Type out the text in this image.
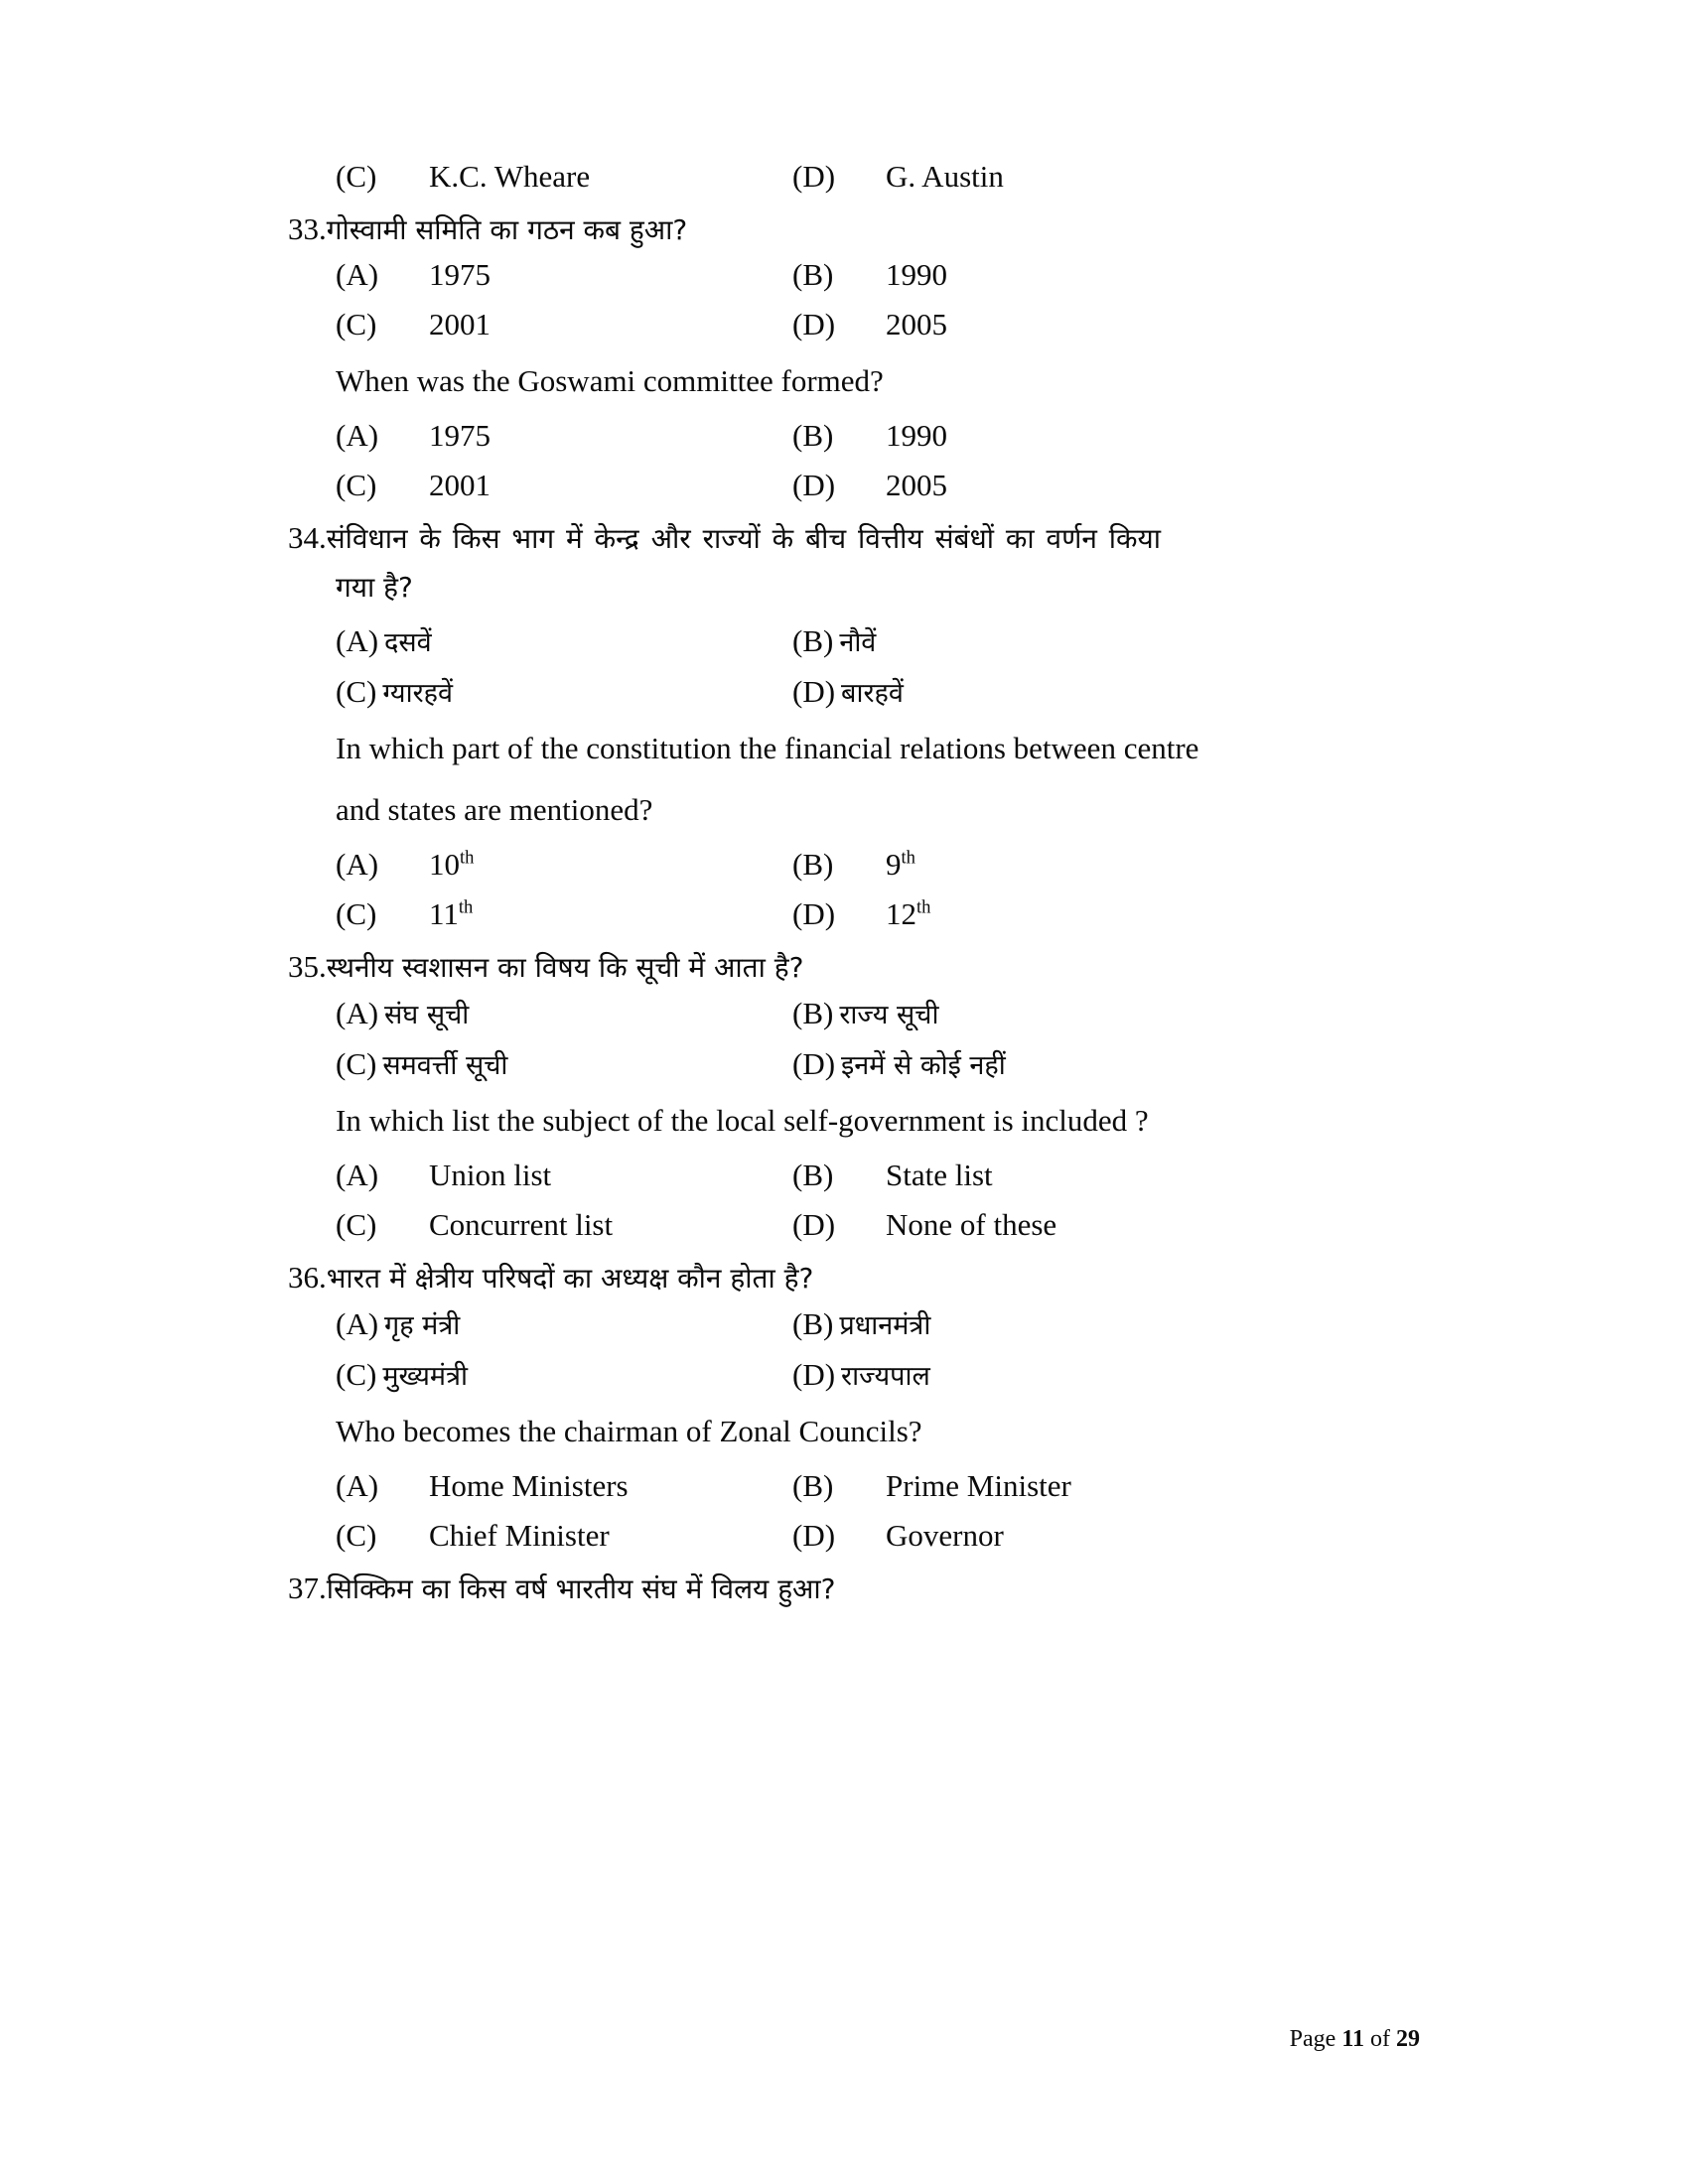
(C)	K.C. Wheare	(D)	G. Austin
33. गोस्वामी समिति का गठन कब हुआ?
(A)	1975	(B)	1990
(C)	2001	(D)	2005
When was the Goswami committee formed?
(A)	1975	(B)	1990
(C)	2001	(D)	2005
34. संविधान के किस भाग में केन्द्र और राज्यों के बीच वित्तीय संबंधों का वर्णन किया
गया है?
(A) दसवें	(B) नौवें
(C) ग्यारहवें	(D) बारहवें
In which part of the constitution the financial relations between centre
and states are mentioned?
(A)	10th	(B)	9th
(C)	11th	(D)	12th
35. स्थनीय स्वशासन का विषय कि सूची में आता है?
(A) संघ सूची	(B) राज्य सूची
(C) समवर्त्ती सूची	(D) इनमें से कोई नहीं
In which list the subject of the local self-government is included ?
(A)	Union list	(B)	State list
(C)	Concurrent list	(D)	None of these
36. भारत में क्षेत्रीय परिषदों का अध्यक्ष कौन होता है?
(A) गृह मंत्री	(B) प्रधानमंत्री
(C) मुख्यमंत्री	(D) राज्यपाल
Who becomes the chairman of Zonal Councils?
(A)	Home Ministers	(B)	Prime Minister
(C)	Chief Minister	(D)	Governor
37. सिक्किम का किस वर्ष भारतीय संघ में विलय हुआ?
Page 11 of 29
